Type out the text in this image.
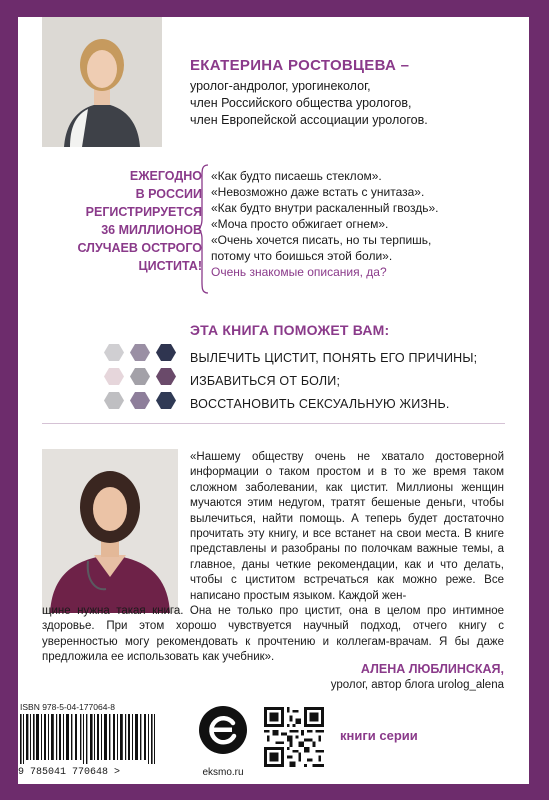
ЕКАТЕРИНА РОСТОВЦЕВА –
уролог-андролог, урогинеколог,
член Российского общества урологов,
член Европейской ассоциации урологов.
ЕЖЕГОДНО
В РОССИИ
РЕГИСТРИРУЕТСЯ
36 МИЛЛИОНОВ
СЛУЧАЕВ ОСТРОГО
ЦИСТИТА!
«Как будто писаешь стеклом».
«Невозможно даже встать с унитаза».
«Как будто внутри раскаленный гвоздь».
«Моча просто обжигает огнем».
«Очень хочется писать, но ты терпишь,
потому что боишься этой боли».
Очень знакомые описания, да?
ЭТА КНИГА ПОМОЖЕТ ВАМ:
ВЫЛЕЧИТЬ ЦИСТИТ, ПОНЯТЬ ЕГО ПРИЧИНЫ;
ИЗБАВИТЬСЯ ОТ БОЛИ;
ВОССТАНОВИТЬ СЕКСУАЛЬНУЮ ЖИЗНЬ.
«Нашему обществу очень не хватало достоверной информации о таком простом и в то же время таком сложном заболевании, как цистит. Миллионы женщин мучаются этим недугом, тратят бешеные деньги, чтобы вылечиться, найти помощь. А теперь будет достаточно прочитать эту книгу, и все встанет на свои места. В книге представлены и разобраны по полочкам важные темы, а главное, даны четкие рекомендации, как и что делать, чтобы с циститом встречаться как можно реже. Все написано простым языком. Каждой жен-
щине нужна такая книга. Она не только про цистит, она в целом про интимное здоровье. При этом хорошо чувствуется научный подход, отчего книгу с уверенностью могу рекомендовать к прочтению и коллегам-врачам. Я бы даже предложила ее использовать как учебник».
АЛЕНА ЛЮБЛИНСКАЯ,
уролог, автор блога urolog_alena
ISBN 978-5-04-177064-8
9 785041 770648 >	eksmo.ru
книги серии
